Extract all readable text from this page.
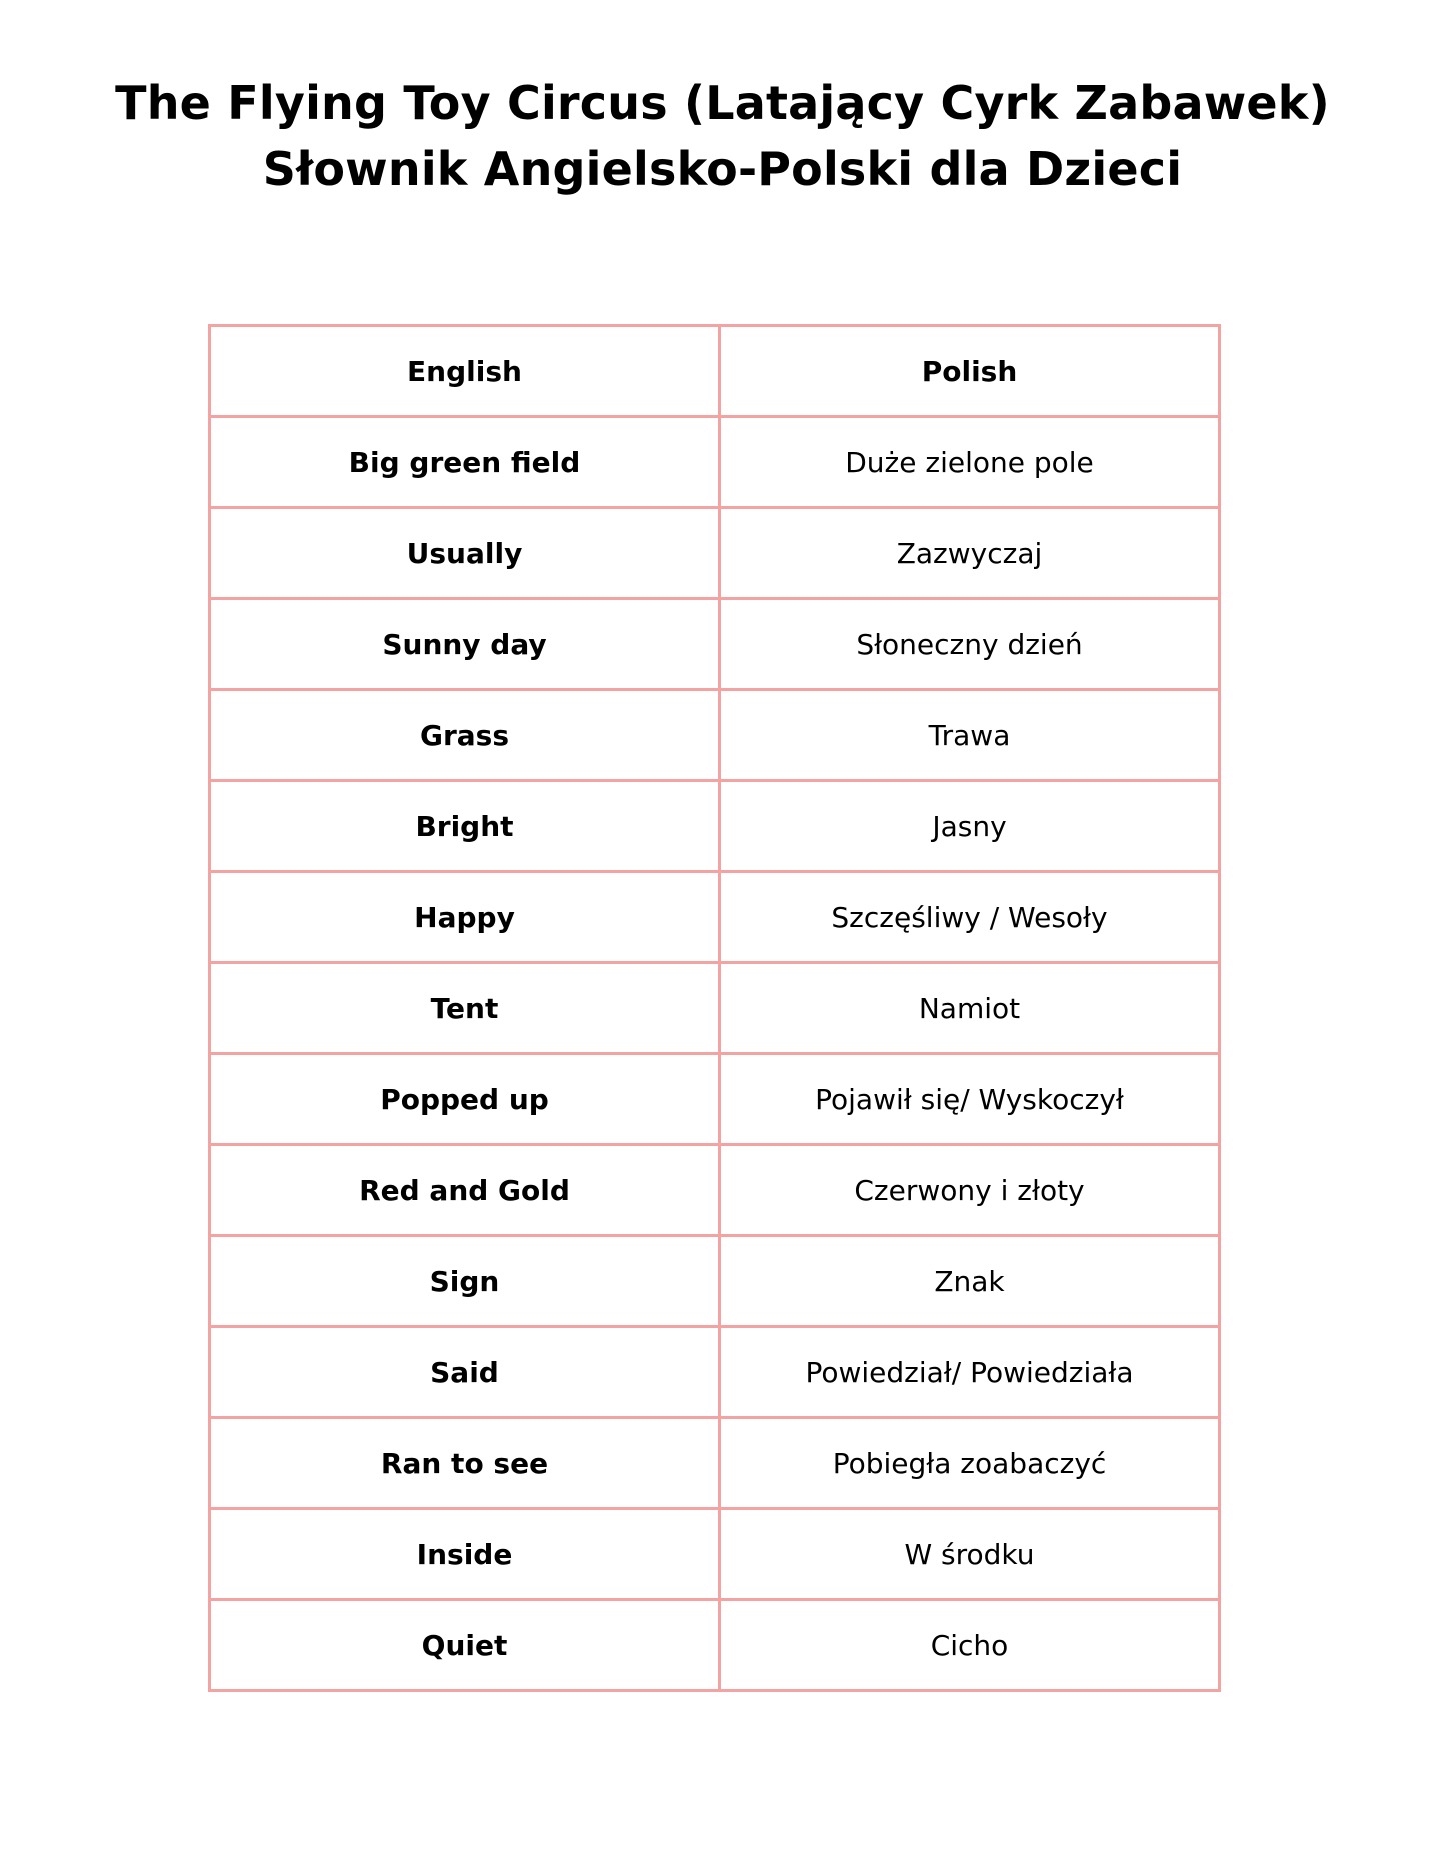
The Flying Toy Circus (Latający Cyrk Zabawek)

Słownik Angielsko-Polski dla Dzieci

English	Polish
Big green field	Duże zielone pole
Usually	Zazwyczaj
Sunny day	Słoneczny dzień
Grass	Trawa
Bright	Jasny
Happy	Szczęśliwy / Wesoły
Tent	Namiot
Popped up	Pojawił się/ Wyskoczył
Red and Gold	Czerwony i złoty
Sign	Znak
Said	Powiedział/ Powiedziała
Ran to see	Pobiegła zoabaczyć
Inside	W środku
Quiet	Cicho
